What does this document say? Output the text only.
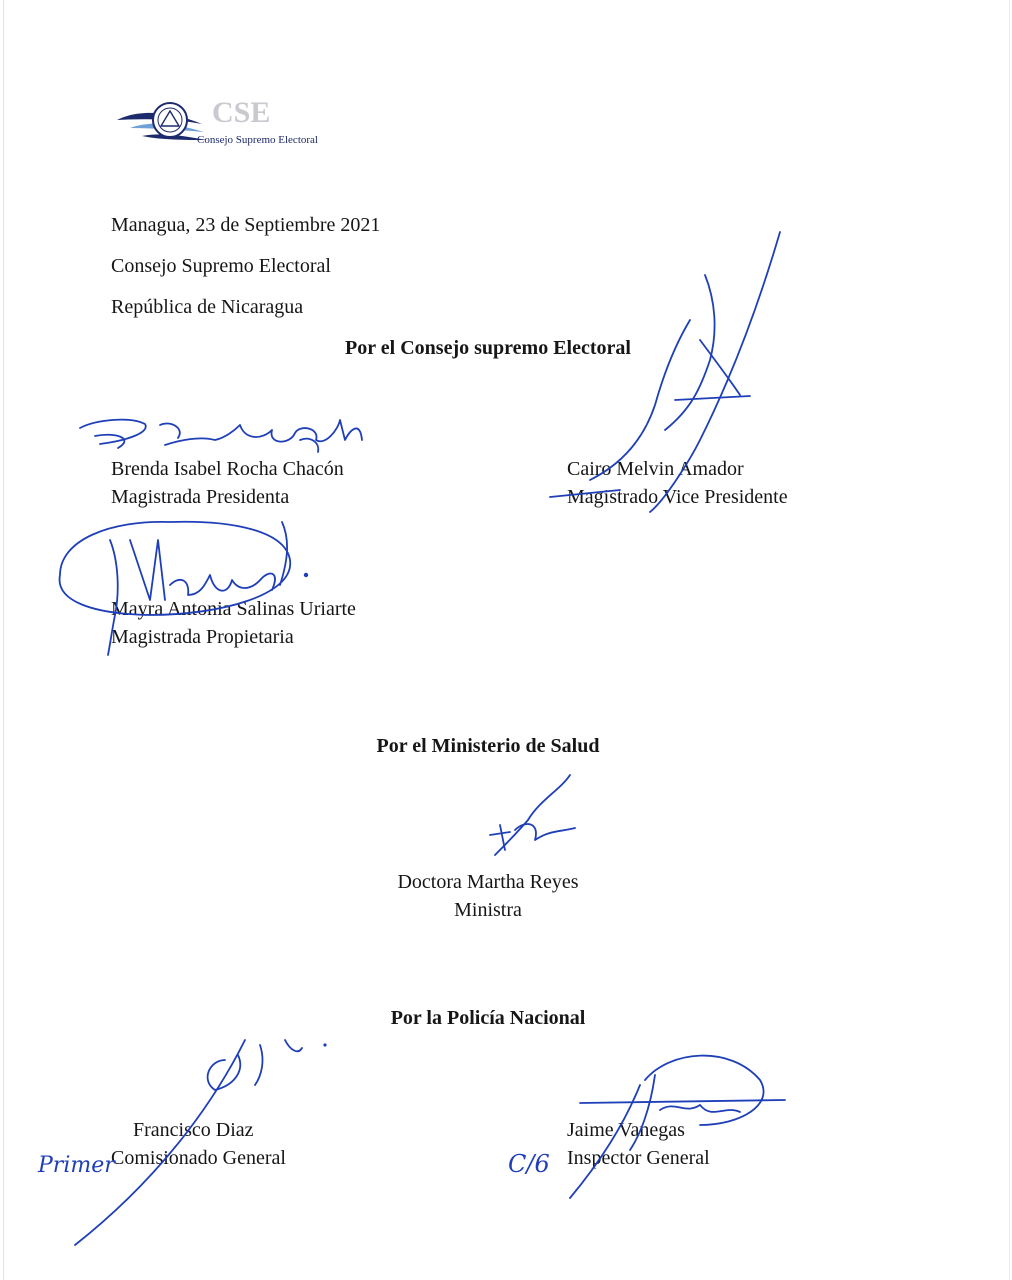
CSE
Consejo Supremo Electoral
Managua, 23 de Septiembre 2021
Consejo Supremo Electoral
República de Nicaragua
Por el Consejo supremo Electoral
Brenda Isabel Rocha Chacón
Magistrada Presidenta
Cairo Melvin Amador
Magistrado Vice Presidente
Mayra Antonia Salinas Uriarte
Magistrada Propietaria
Por el Ministerio de Salud
Doctora Martha Reyes
Ministra
Por la Policía Nacional
Francisco Diaz
Comisionado General
Jaime Vanegas
Inspector General
Primer	C/6
